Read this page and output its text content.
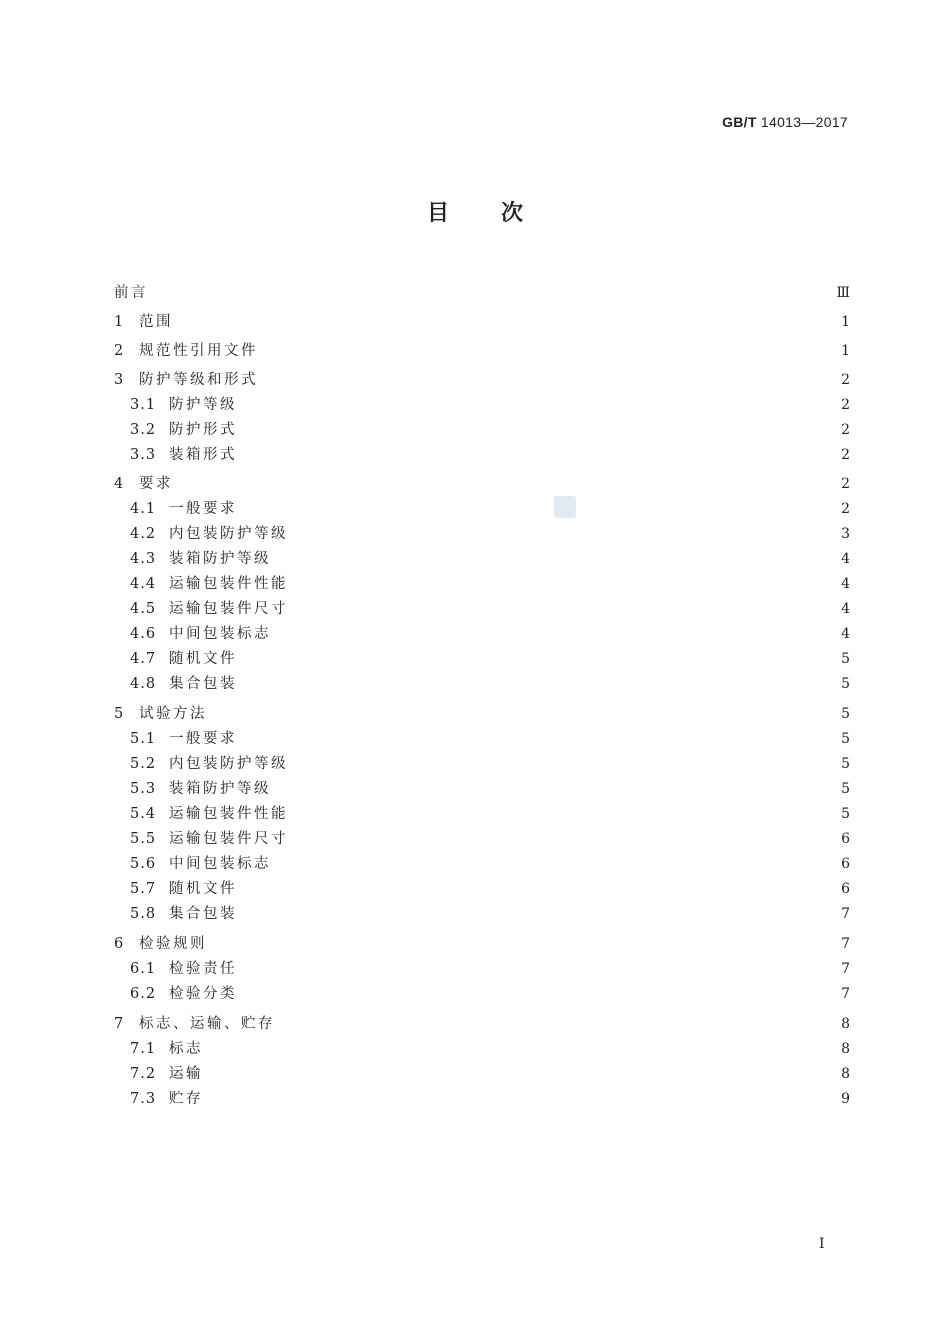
GB/T 14013—2017
目次
前言	Ⅲ
1	范围	1
2	规范性引用文件	1
3	防护等级和形式	2
3.1 防护等级	2
3.2 防护形式	2
3.3 装箱形式	2
4	要求	2
4.1 一般要求	2
4.2 内包装防护等级	3
4.3 装箱防护等级	4
4.4 运输包装件性能	4
4.5 运输包装件尺寸	4
4.6 中间包装标志	4
4.7 随机文件	5
4.8 集合包装	5
5	试验方法	5
5.1 一般要求	5
5.2 内包装防护等级	5
5.3 装箱防护等级	5
5.4 运输包装件性能	5
5.5 运输包装件尺寸	6
5.6 中间包装标志	6
5.7 随机文件	6
5.8 集合包装	7
6	检验规则	7
6.1 检验责任	7
6.2 检验分类	7
7	标志、运输、贮存	8
7.1 标志	8
7.2 运输	8
7.3 贮存	9
Ⅰ
